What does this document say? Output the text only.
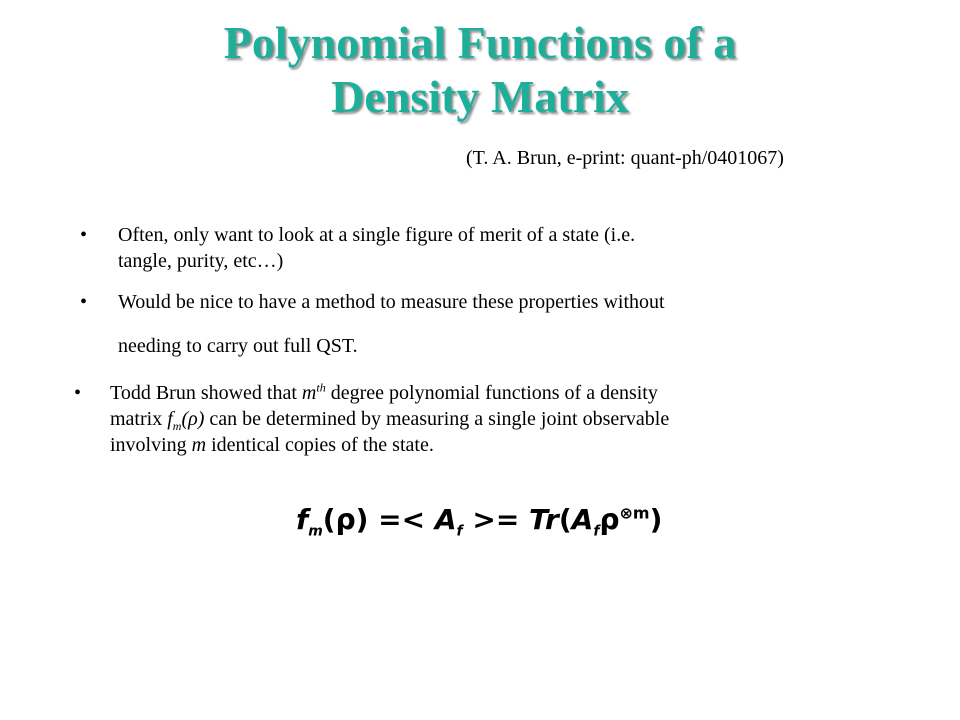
Polynomial Functions of a
Density Matrix
(T. A. Brun, e-print: quant-ph/0401067)
• Often, only want to look at a single figure of merit of a state (i.e.
tangle, purity, etc…)
• Would be nice to have a method to measure these properties without
needing to carry out full QST.
• Todd Brun showed that $m^{th}$ degree polynomial functions of a density
matrix $f_m(\rho)$ can be determined by measuring a single joint observable
involving m identical copies of the state.
$f_m(\rho) =< A_f >= Tr(A_f\rho^{\otimes m})$
